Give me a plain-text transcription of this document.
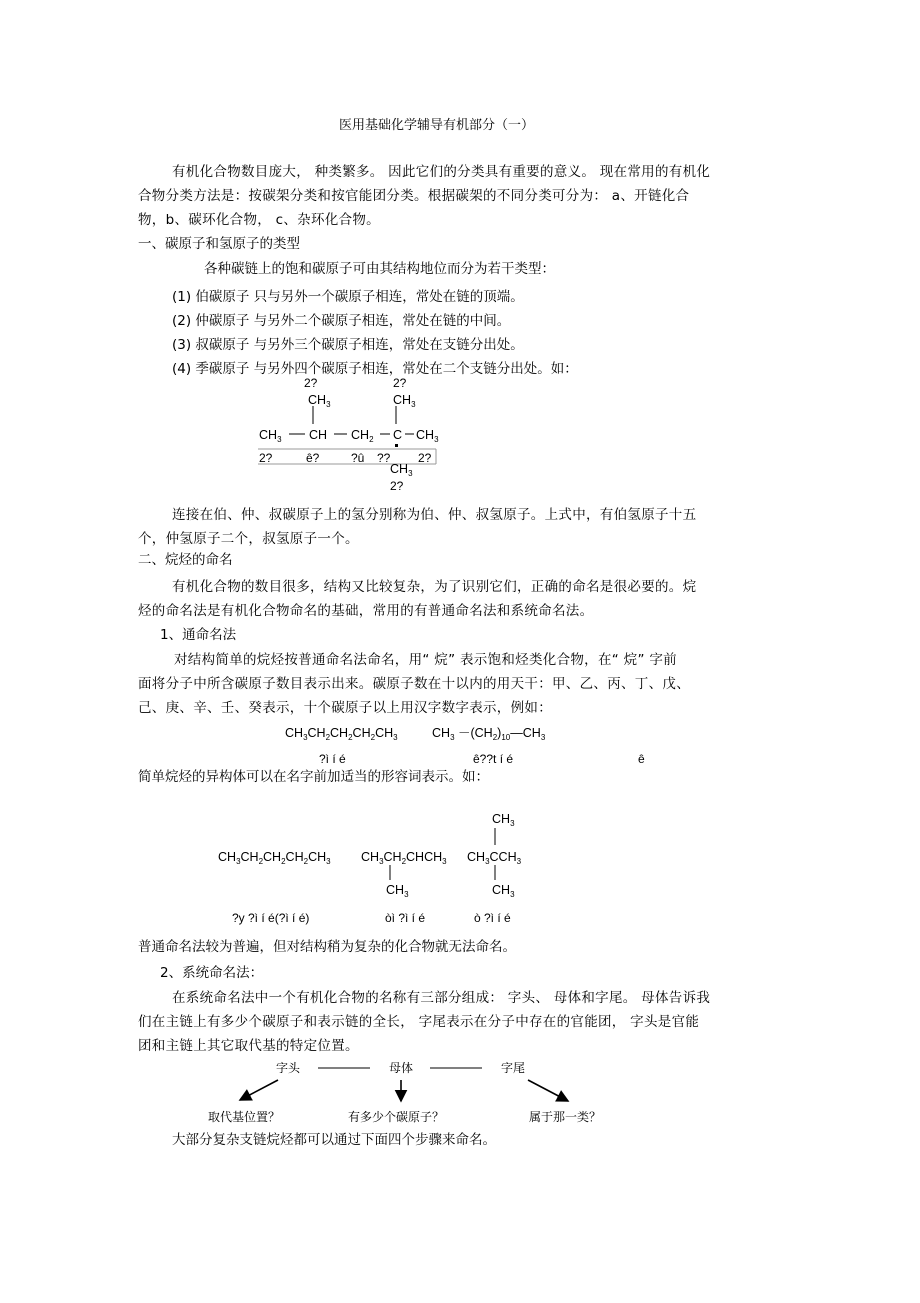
医用基础化学辅导有机部分（一）
有机化合物数目庞大， 种类繁多。 因此它们的分类具有重要的意义。 现在常用的有机化
合物分类方法是：按碳架分类和按官能团分类。根据碳架的不同分类可分为： a、开链化合
物，b、碳环化合物， c、杂环化合物。
一、碳原子和氢原子的类型
各种碳链上的饱和碳原子可由其结构地位而分为若干类型：
(1) 伯碳原子 只与另外一个碳原子相连，常处在链的顶端。
(2) 仲碳原子 与另外二个碳原子相连，常处在链的中间。
(3) 叔碳原子 与另外三个碳原子相连，常处在支链分出处。
(4) 季碳原子 与另外四个碳原子相连，常处在二个支链分出处。如：
2?	2?
$CH_3$	$CH_3$
$CH_3$ CH $CH_2$ C $CH_3$
2?	ê?	?û ?? 2?
$CH_3$
2?
连接在伯、仲、叔碳原子上的氢分别称为伯、仲、叔氢原子。上式中，有伯氢原子十五
个，仲氢原子二个，叔氢原子一个。
二、烷烃的命名
有机化合物的数目很多，结构又比较复杂，为了识别它们，正确的命名是很必要的。烷
烃的命名法是有机化合物命名的基础，常用的有普通命名法和系统命名法。
1、通命名法
对结构简单的烷烃按普通命名法命名，用“ 烷” 表示饱和烃类化合物，在“ 烷” 字前
面将分子中所含碳原子数目表示出来。碳原子数在十以内的用天干：甲、乙、丙、丁、戊、
己、庚、辛、壬、癸表示，十个碳原子以上用汉字数字表示，例如：
$CH_3CH_2CH_2CH_2CH_3$	$CH_3$ $-(CH_2)_{10}—CH_3$
?ì í é	ê??t í é	ê
简单烷烃的异构体可以在名字前加适当的形容词表示。如：
$CH_3$
$CH_3CH_2CH_2CH_2CH_3$ $CH_3CH_2CHCH_3$ $CH_3CCH_3$
$CH_3$	$CH_3$
?y ?ì í é(?ì í é)	òì ?ì í é	ò ?ì í é
普通命名法较为普遍，但对结构稍为复杂的化合物就无法命名。
2、系统命名法：
在系统命名法中一个有机化合物的名称有三部分组成： 字头、 母体和字尾。 母体告诉我
们在主链上有多少个碳原子和表示链的全长， 字尾表示在分子中存在的官能团， 字头是官能
团和主链上其它取代基的特定位置。
字头	母体	字尾
取代基位置？	有多少个碳原子？	属于那一类？
大部分复杂支链烷烃都可以通过下面四个步骤来命名。
